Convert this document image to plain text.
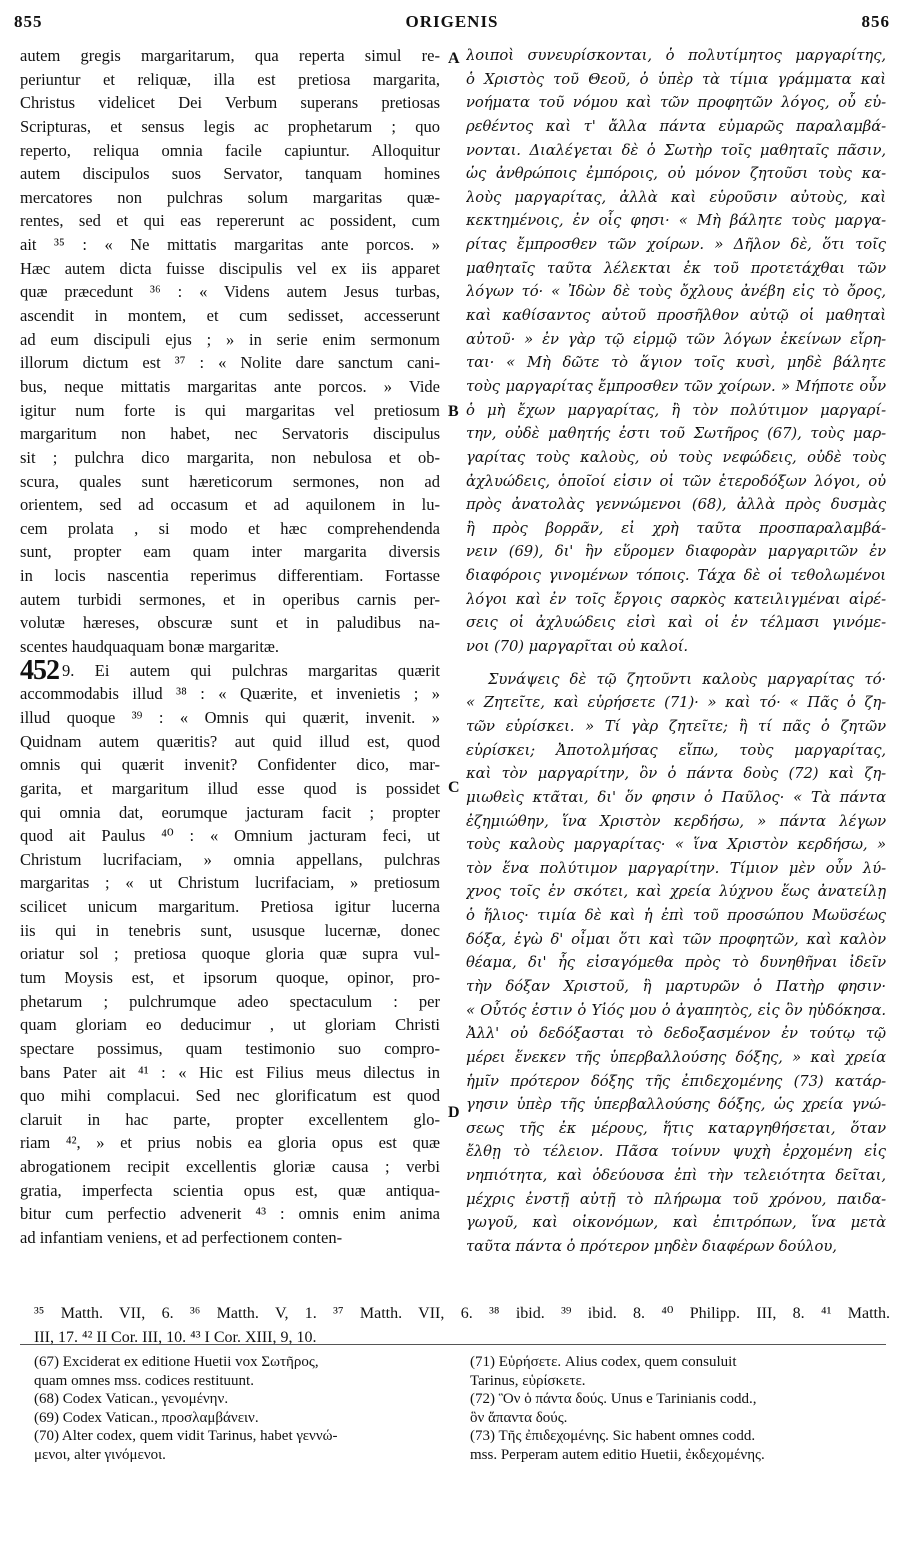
855	ORIGENIS	856
A
B
C
D
autem gregis margaritarum, qua reperta simul re-
periuntur et reliquæ, illa est pretiosa margarita,
Christus videlicet Dei Verbum superans pretiosas
Scripturas, et sensus legis ac prophetarum ; quo
reperto, reliqua omnia facile capiuntur. Alloquitur
autem discipulos suos Servator, tanquam homines
mercatores non pulchras solum margaritas quæ-
rentes, sed et qui eas repererunt ac possident, cum
ait ³⁵ : « Ne mittatis margaritas ante porcos. »
Hæc autem dicta fuisse discipulis vel ex iis apparet
quæ præcedunt ³⁶ : « Videns autem Jesus turbas,
ascendit in montem, et cum sedisset, accesserunt
ad eum discipuli ejus ; » in serie enim sermonum
illorum dictum est ³⁷ : « Nolite dare sanctum cani-
bus, neque mittatis margaritas ante porcos. » Vide
igitur num forte is qui margaritas vel pretiosum
margaritum non habet, nec Servatoris discipulus
sit ; pulchra dico margarita, non nebulosa et ob-
scura, quales sunt hæreticorum sermones, non ad
orientem, sed ad occasum et ad aquilonem in lu-
cem prolata , si modo et hæc comprehendenda
sunt, propter eam quam inter margarita diversis
in locis nascentia reperimus differentiam. Fortasse
autem turbidi sermones, et in operibus carnis per-
volutæ hæreses, obscuræ sunt et in paludibus na-
scentes haudquaquam bonæ margaritæ.
452 9. Ei autem qui pulchras margaritas quærit
accommodabis illud ³⁸ : « Quærite, et invenietis ; »
illud quoque ³⁹ : « Omnis qui quærit, invenit. »
Quidnam autem quæritis? aut quid illud est, quod
omnis qui quærit invenit? Confidenter dico, mar-
garita, et margaritum illud esse quod is possidet
qui omnia dat, eorumque jacturam facit ; propter
quod ait Paulus ⁴⁰ : « Omnium jacturam feci, ut
Christum lucrifaciam, » omnia appellans, pulchras
margaritas ; « ut Christum lucrifaciam, » pretiosum
scilicet unicum margaritum. Pretiosa igitur lucerna
iis qui in tenebris sunt, ususque lucernæ, donec
oriatur sol ; pretiosa quoque gloria quæ supra vul-
tum Moysis est, et ipsorum quoque, opinor, pro-
phetarum ; pulchrumque adeo spectaculum : per
quam gloriam eo deducimur , ut gloriam Christi
spectare possimus, quam testimonio suo compro-
bans Pater ait ⁴¹ : « Hic est Filius meus dilectus in
quo mihi complacui. Sed nec glorificatum est quod
claruit in hac parte, propter excellentem glo-
riam ⁴², » et prius nobis ea gloria opus est quæ
abrogationem recipit excellentis gloriæ causa ; verbi
gratia, imperfecta scientia opus est, quæ antiqua-
bitur cum perfectio advenerit ⁴³ : omnis enim anima
ad infantiam veniens, et ad perfectionem conten-
λοιποὶ συνευρίσκονται, ὁ πολυτίμητος μαργαρίτης,
ὁ Χριστὸς τοῦ Θεοῦ, ὁ ὑπὲρ τὰ τίμια γράμματα καὶ
νοήματα τοῦ νόμου καὶ τῶν προφητῶν λόγος, οὗ εὑ-
ρεθέντος καὶ τ' ἄλλα πάντα εὐμαρῶς παραλαμβά-
νονται. Διαλέγεται δὲ ὁ Σωτὴρ τοῖς μαθηταῖς πᾶσιν,
ὡς ἀνθρώποις ἐμπόροις, οὐ μόνον ζητοῦσι τοὺς κα-
λοὺς μαργαρίτας, ἀλλὰ καὶ εὑροῦσιν αὐτοὺς, καὶ
κεκτημένοις, ἐν οἷς φησι· « Μὴ βάλητε τοὺς μαργα-
ρίτας ἔμπροσθεν τῶν χοίρων. » Δῆλον δὲ, ὅτι τοῖς
μαθηταῖς ταῦτα λέλεκται ἐκ τοῦ προτετάχθαι τῶν
λόγων τό· « Ἰδὼν δὲ τοὺς ὄχλους ἀνέβη εἰς τὸ ὄρος,
καὶ καθίσαντος αὐτοῦ προσῆλθον αὐτῷ οἱ μαθηταὶ
αὐτοῦ· » ἐν γὰρ τῷ εἱρμῷ τῶν λόγων ἐκείνων εἴρη-
ται· « Μὴ δῶτε τὸ ἅγιον τοῖς κυσὶ, μηδὲ βάλητε
τοὺς μαργαρίτας ἔμπροσθεν τῶν χοίρων. » Μήποτε οὖν
ὁ μὴ ἔχων μαργαρίτας, ἢ τὸν πολύτιμον μαργαρί-
την, οὐδὲ μαθητής ἐστι τοῦ Σωτῆρος (67), τοὺς μαρ-
γαρίτας τοὺς καλοὺς, οὐ τοὺς νεφώδεις, οὐδὲ τοὺς
ἀχλυώδεις, ὁποῖοί εἰσιν οἱ τῶν ἑτεροδόξων λόγοι, οὐ
πρὸς ἀνατολὰς γεννώμενοι (68), ἀλλὰ πρὸς δυσμὰς
ἢ πρὸς βορρᾶν, εἰ χρὴ ταῦτα προσπαραλαμβά-
νειν (69), δι' ἣν εὕρομεν διαφορὰν μαργαριτῶν ἐν
διαφόροις γινομένων τόποις. Τάχα δὲ οἱ τεθολωμένοι
λόγοι καὶ ἐν τοῖς ἔργοις σαρκὸς κατειλιγμέναι αἱρέ-
σεις οἱ ἀχλυώδεις εἰσὶ καὶ οἱ ἐν τέλμασι γινόμε-
νοι (70) μαργαρῖται οὐ καλοί.
Συνάψεις δὲ τῷ ζητοῦντι καλοὺς μαργαρίτας τό·
« Ζητεῖτε, καὶ εὑρήσετε (71)· » καὶ τό· « Πᾶς ὁ ζη-
τῶν εὑρίσκει. » Τί γὰρ ζητεῖτε; ἢ τί πᾶς ὁ ζητῶν
εὑρίσκει; Ἀποτολμήσας εἴπω, τοὺς μαργαρίτας,
καὶ τὸν μαργαρίτην, ὃν ὁ πάντα δοὺς (72) καὶ ζη-
μιωθεὶς κτᾶται, δι' ὅν φησιν ὁ Παῦλος· « Τὰ πάντα
ἐζημιώθην, ἵνα Χριστὸν κερδήσω, » πάντα λέγων
τοὺς καλοὺς μαργαρίτας· « ἵνα Χριστὸν κερδήσω, »
τὸν ἕνα πολύτιμον μαργαρίτην. Τίμιον μὲν οὖν λύ-
χνος τοῖς ἐν σκότει, καὶ χρεία λύχνου ἕως ἀνατείλῃ
ὁ ἥλιος· τιμία δὲ καὶ ἡ ἐπὶ τοῦ προσώπου Μωϋσέως
δόξα, ἐγὼ δ' οἶμαι ὅτι καὶ τῶν προφητῶν, καὶ καλὸν
θέαμα, δι' ἧς εἰσαγόμεθα πρὸς τὸ δυνηθῆναι ἰδεῖν
τὴν δόξαν Χριστοῦ, ἣ μαρτυρῶν ὁ Πατὴρ φησιν·
« Οὗτός ἐστιν ὁ Υἱός μου ὁ ἀγαπητὸς, εἰς ὃν ηὐδόκησα.
Ἀλλ' οὐ δεδόξασται τὸ δεδοξασμένον ἐν τούτῳ τῷ
μέρει ἕνεκεν τῆς ὑπερβαλλούσης δόξης, » καὶ χρεία
ἡμῖν πρότερον δόξης τῆς ἐπιδεχομένης (73) κατάρ-
γησιν ὑπὲρ τῆς ὑπερβαλλούσης δόξης, ὡς χρεία γνώ-
σεως τῆς ἐκ μέρους, ἥτις καταργηθήσεται, ὅταν
ἔλθῃ τὸ τέλειον. Πᾶσα τοίνυν ψυχὴ ἐρχομένη εἰς
νηπιότητα, καὶ ὁδεύουσα ἐπὶ τὴν τελειότητα δεῖται,
μέχρις ἐνστῇ αὐτῇ τὸ πλήρωμα τοῦ χρόνου, παιδα-
γωγοῦ, καὶ οἰκονόμων, καὶ ἐπιτρόπων, ἵνα μετὰ
ταῦτα πάντα ὁ πρότερον μηδὲν διαφέρων δούλου,
³⁵ Matth. VII, 6. ³⁶ Matth. V, 1. ³⁷ Matth. VII, 6. ³⁸ ibid. ³⁹ ibid. 8. ⁴⁰ Philipp. III, 8. ⁴¹ Matth.
III, 17. ⁴² II Cor. III, 10. ⁴³ I Cor. XIII, 9, 10.
(67) Exciderat ex editione Huetii vox Σωτῆρος,
quam omnes mss. codices restituunt.
(68) Codex Vatican., γενομένην.
(69) Codex Vatican., προσλαμβάνειν.
(70) Alter codex, quem vidit Tarinus, habet γεννώ-
μενοι, alter γινόμενοι.
(71) Εὑρήσετε. Alius codex, quem consuluit
Tarinus, εὑρίσκετε.
(72) Ὃν ὁ πάντα δούς. Unus e Tarinianis codd.,
ὃν ἅπαντα δούς.
(73) Τῆς ἐπιδεχομένης. Sic habent omnes codd.
mss. Perperam autem editio Huetii, ἐκδεχομένης.
